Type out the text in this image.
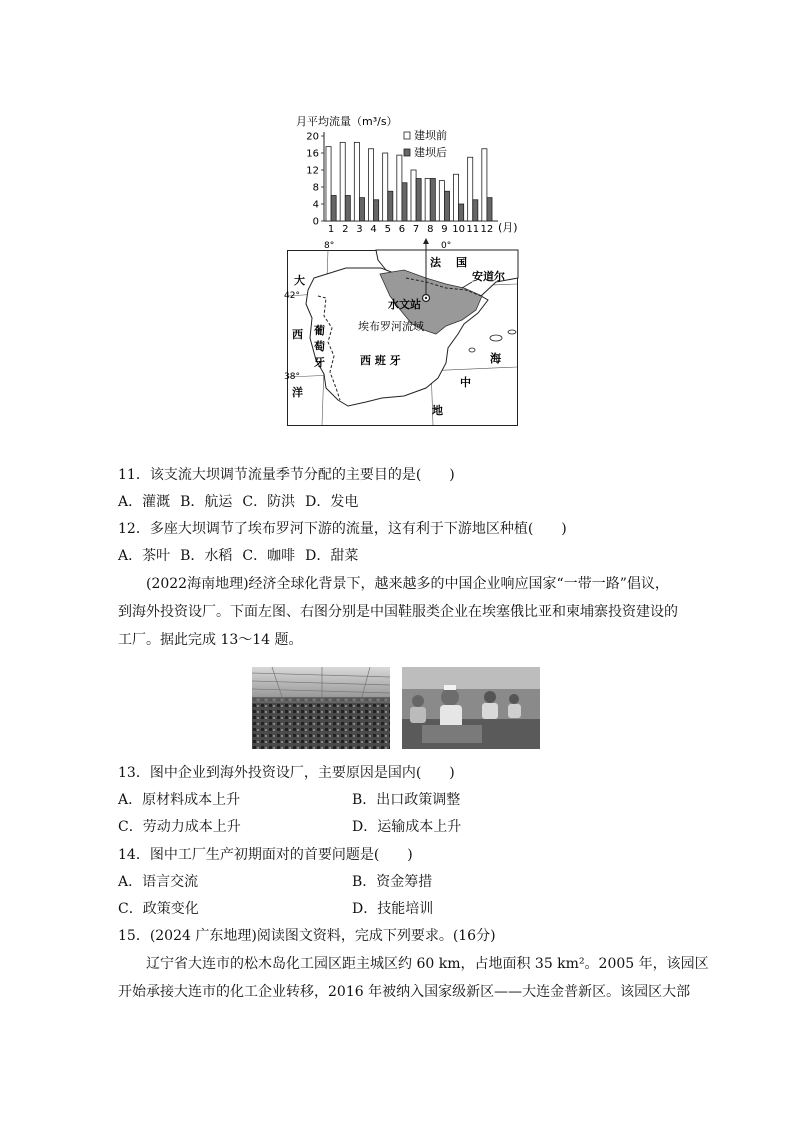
0
4
8
12
16
20
1 2 3 4 5 6 7 8 9 10 11 12
月平均流量（m³/s）
(月)
建坝前
建坝后
8°	0°
42°
38°
法 国
安道尔
水文站
埃布罗河流域
西 班 牙
葡
萄
牙
大
西
洋
海
中
地
11．该支流大坝调节流量季节分配的主要目的是(　　)
A．灌溉 B．航运 C．防洪 D．发电
12．多座大坝调节了埃布罗河下游的流量，这有利于下游地区种植(　　)
A．茶叶 B．水稻 C．咖啡 D．甜菜
(2022海南地理)经济全球化背景下，越来越多的中国企业响应国家“一带一路”倡议，
到海外投资设厂。下面左图、右图分别是中国鞋服类企业在埃塞俄比亚和柬埔寨投资建设的
工厂。据此完成 13～14 题。
13．图中企业到海外投资设厂，主要原因是国内(　　)
A．原材料成本上升	B．出口政策调整
C．劳动力成本上升	D．运输成本上升
14．图中工厂生产初期面对的首要问题是(　　)
A．语言交流	B．资金筹措
C．政策变化	D．技能培训
15．(2024 广东地理)阅读图文资料，完成下列要求。(16分)
辽宁省大连市的松木岛化工园区距主城区约 60 km，占地面积 35 km²。2005 年，该园区
开始承接大连市的化工企业转移，2016 年被纳入国家级新区——大连金普新区。该园区大部
